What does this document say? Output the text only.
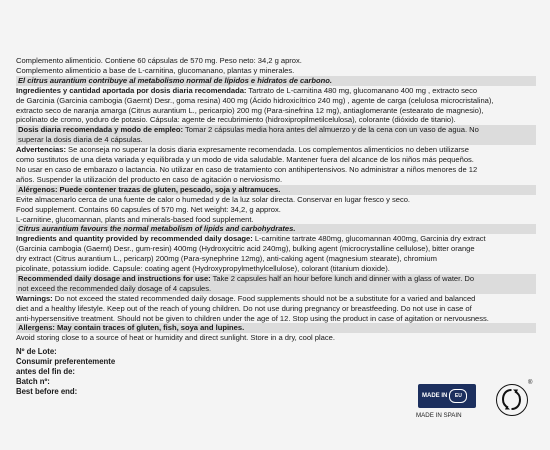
Complemento alimenticio. Contiene 60 cápsulas de 570 mg. Peso neto: 34,2 g aprox.

Complemento alimenticio a base de L-carnitina, glucomanano, plantas y minerales.

El citrus aurantium contribuye al metabolismo normal de lípidos e hidratos de carbono.

Ingredientes y cantidad aportada por dosis diaria recomendada: Tartrato de L-carnitina 480 mg, glucomanano 400 mg , extracto seco

de Garcinia (Garcinia cambogia (Gaernt) Desr., goma resina) 400 mg (Ácido hidroxicítrico 240 mg) , agente de carga (celulosa microcristalina),

extracto seco de naranja amarga (Citrus aurantium L., pericarpio) 200 mg (Para-sinefrina 12 mg), antiaglomerante (estearato de magnesio),

picolinato de cromo, yoduro de potasio. Cápsula: agente de recubrimiento (hidroxipropilmetilcelulosa), colorante (dióxido de titanio).

Dosis diaria recomendada y modo de empleo: Tomar 2 cápsulas media hora antes del almuerzo y de la cena con un vaso de agua. No

superar la dosis diaria de 4 cápsulas.

Advertencias: Se aconseja no superar la dosis diaria expresamente recomendada. Los complementos alimenticios no deben utilizarse

como sustitutos de una dieta variada y equilibrada y un modo de vida saludable. Mantener fuera del alcance de los niños más pequeños.

No usar en caso de embarazo o lactancia. No utilizar en caso de tratamiento con antihipertensivos. No administrar a niños menores de 12

años. Suspender la utilización del producto en caso de agitación o nerviosismo.

Alérgenos: Puede contener trazas de gluten, pescado, soja y altramuces.

Evite almacenarlo cerca de una fuente de calor o humedad y de la luz solar directa. Conservar en lugar fresco y seco.

Food supplement. Contains 60 capsules of 570 mg. Net weight: 34,2, g approx.

L-carnitine, glucomannan, plants and minerals-based food supplement.

Citrus aurantium favours the normal metabolism of lipids and carbohydrates.

Ingredients and quantity provided by recommended daily dosage: L-carnitine tartrate 480mg, glucomannan 400mg, Garcinia dry extract

(Garcinia cambogia (Gaernt) Desr., gum-resin) 400mg (Hydroxycitric acid 240mg), bulking agent (microcrystalline cellulose), bitter orange

dry extract (Citrus aurantium L., pericarp) 200mg (Para-synephrine 12mg), anti-caking agent (magnesium stearate), chromium

picolinate, potassium iodide. Capsule: coating agent (Hydroxypropylmethylcellulose), colorant (titanium dioxide).

Recommended daily dosage and instructions for use: Take 2 capsules half an hour before lunch and dinner with a glass of water. Do

not exceed the recommended daily dosage of 4 capsules.

Warnings: Do not exceed the stated recommended daily dosage. Food supplements should not be a substitute for a varied and balanced

diet and a healthy lifestyle. Keep out of the reach of young children. Do not use during pregnancy or breastfeeding. Do not use in case of

anti-hypersensitive treatment. Should not be given to children under the age of 12. Stop using the product in case of agitation or nervousness.

Allergens: May contain traces of gluten, fish, soya and lupines.

Avoid storing close to a source of heat or humidity and direct sunlight. Store in a dry, cool place.

Nº de Lote:

Consumir preferentemente

antes del fin de:

Batch nº:

Best before end:	MADE IN EU
MADE IN SPAIN
®
